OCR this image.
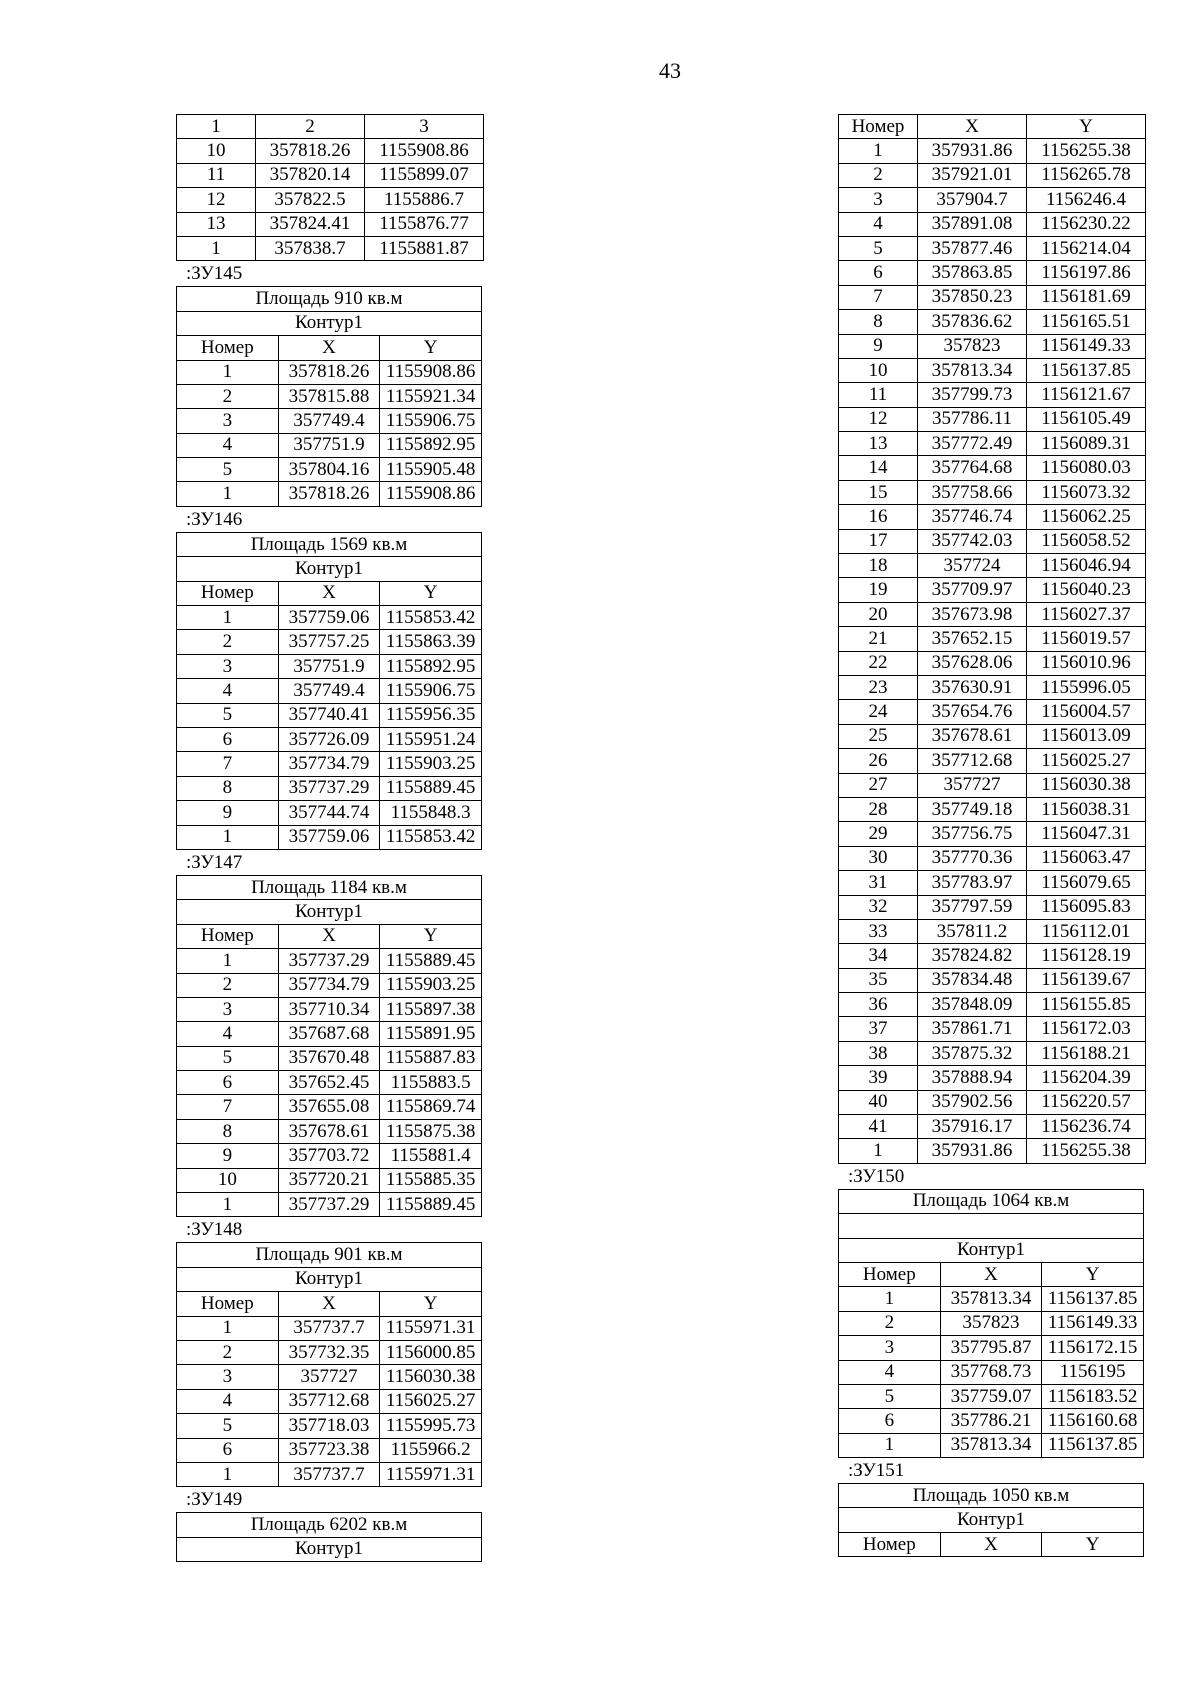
43
1	2	3
10	357818.26	1155908.86
11	357820.14	1155899.07
12	357822.5	1155886.7
13	357824.41	1155876.77
1	357838.7	1155881.87
:ЗУ145
Площадь 910 кв.м		
Контур1		
Номер	X	Y
1	357818.26	1155908.86
2	357815.88	1155921.34
3	357749.4	1155906.75
4	357751.9	1155892.95
5	357804.16	1155905.48
1	357818.26	1155908.86
:ЗУ146
Площадь 1569 кв.м		
Контур1		
Номер	X	Y
1	357759.06	1155853.42
2	357757.25	1155863.39
3	357751.9	1155892.95
4	357749.4	1155906.75
5	357740.41	1155956.35
6	357726.09	1155951.24
7	357734.79	1155903.25
8	357737.29	1155889.45
9	357744.74	1155848.3
1	357759.06	1155853.42
:ЗУ147
Площадь 1184 кв.м		
Контур1		
Номер	X	Y
1	357737.29	1155889.45
2	357734.79	1155903.25
3	357710.34	1155897.38
4	357687.68	1155891.95
5	357670.48	1155887.83
6	357652.45	1155883.5
7	357655.08	1155869.74
8	357678.61	1155875.38
9	357703.72	1155881.4
10	357720.21	1155885.35
1	357737.29	1155889.45
:ЗУ148
Площадь 901 кв.м		
Контур1		
Номер	X	Y
1	357737.7	1155971.31
2	357732.35	1156000.85
3	357727	1156030.38
4	357712.68	1156025.27
5	357718.03	1155995.73
6	357723.38	1155966.2
1	357737.7	1155971.31
:ЗУ149
Площадь 6202 кв.м
Контур1
Номер	X	Y
1	357931.86	1156255.38
2	357921.01	1156265.78
3	357904.7	1156246.4
4	357891.08	1156230.22
5	357877.46	1156214.04
6	357863.85	1156197.86
7	357850.23	1156181.69
8	357836.62	1156165.51
9	357823	1156149.33
10	357813.34	1156137.85
11	357799.73	1156121.67
12	357786.11	1156105.49
13	357772.49	1156089.31
14	357764.68	1156080.03
15	357758.66	1156073.32
16	357746.74	1156062.25
17	357742.03	1156058.52
18	357724	1156046.94
19	357709.97	1156040.23
20	357673.98	1156027.37
21	357652.15	1156019.57
22	357628.06	1156010.96
23	357630.91	1155996.05
24	357654.76	1156004.57
25	357678.61	1156013.09
26	357712.68	1156025.27
27	357727	1156030.38
28	357749.18	1156038.31
29	357756.75	1156047.31
30	357770.36	1156063.47
31	357783.97	1156079.65
32	357797.59	1156095.83
33	357811.2	1156112.01
34	357824.82	1156128.19
35	357834.48	1156139.67
36	357848.09	1156155.85
37	357861.71	1156172.03
38	357875.32	1156188.21
39	357888.94	1156204.39
40	357902.56	1156220.57
41	357916.17	1156236.74
1	357931.86	1156255.38
:ЗУ150
Площадь 1064 кв.м		

Контур1		
Номер	X	Y
1	357813.34	1156137.85
2	357823	1156149.33
3	357795.87	1156172.15
4	357768.73	1156195
5	357759.07	1156183.52
6	357786.21	1156160.68
1	357813.34	1156137.85
:ЗУ151
Площадь 1050 кв.м
Контур1
Номер	X	Y
